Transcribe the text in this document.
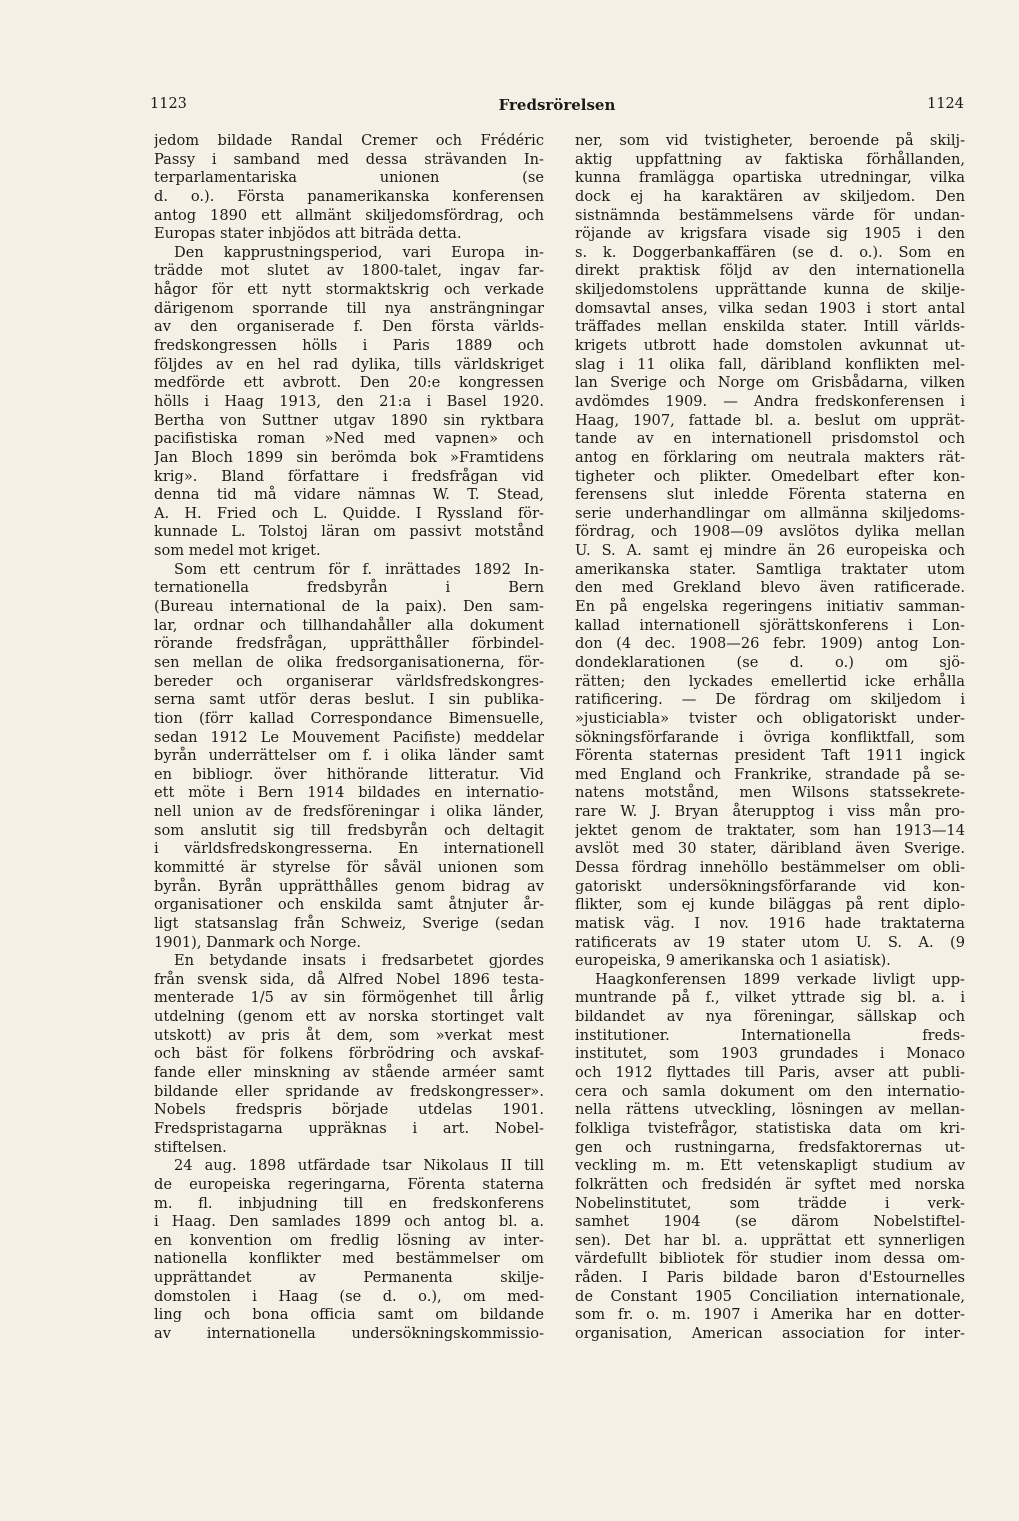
1123	Fredsrörelsen	1124
jedom bildade Randal Cremer och Frédéric
Passy i samband med dessa strävanden In-
terparlamentariska unionen (se
d. o.). Första panamerikanska konferensen
antog 1890 ett allmänt skiljedomsfördrag, och
Europas stater inbjödos att biträda detta.
Den kapprustningsperiod, vari Europa in-
trädde mot slutet av 1800-talet, ingav far-
hågor för ett nytt stormaktskrig och verkade
därigenom sporrande till nya ansträngningar
av den organiserade f. Den första världs-
fredskongressen hölls i Paris 1889 och
följdes av en hel rad dylika, tills världskriget
medförde ett avbrott. Den 20:e kongressen
hölls i Haag 1913, den 21:a i Basel 1920.
Bertha von Suttner utgav 1890 sin ryktbara
pacifistiska roman »Ned med vapnen» och
Jan Bloch 1899 sin berömda bok »Framtidens
krig». Bland författare i fredsfrågan vid
denna tid må vidare nämnas W. T. Stead,
A. H. Fried och L. Quidde. I Ryssland för-
kunnade L. Tolstoj läran om passivt motstånd
som medel mot kriget.
Som ett centrum för f. inrättades 1892 In-
ternationella fredsbyrån i Bern
(Bureau international de la paix). Den sam-
lar, ordnar och tillhandahåller alla dokument
rörande fredsfrågan, upprätthåller förbindel-
sen mellan de olika fredsorganisationerna, för-
bereder och organiserar världsfredskongres-
serna samt utför deras beslut. I sin publika-
tion (förr kallad Correspondance Bimensuelle,
sedan 1912 Le Mouvement Pacifiste) meddelar
byrån underrättelser om f. i olika länder samt
en bibliogr. över hithörande litteratur. Vid
ett möte i Bern 1914 bildades en internatio-
nell union av de fredsföreningar i olika länder,
som anslutit sig till fredsbyrån och deltagit
i världsfredskongresserna. En internationell
kommitté är styrelse för såväl unionen som
byrån. Byrån upprätthålles genom bidrag av
organisationer och enskilda samt åtnjuter år-
ligt statsanslag från Schweiz, Sverige (sedan
1901), Danmark och Norge.
En betydande insats i fredsarbetet gjordes
från svensk sida, då Alfred Nobel 1896 testa-
menterade 1/5 av sin förmögenhet till årlig
utdelning (genom ett av norska stortinget valt
utskott) av pris åt dem, som »verkat mest
och bäst för folkens förbrödring och avskaf-
fande eller minskning av stående arméer samt
bildande eller spridande av fredskongresser».
Nobels fredspris började utdelas 1901.
Fredspristagarna uppräknas i art. Nobel-
stiftelsen.
24 aug. 1898 utfärdade tsar Nikolaus II till
de europeiska regeringarna, Förenta staterna
m. fl. inbjudning till en fredskonferens
i Haag. Den samlades 1899 och antog bl. a.
en konvention om fredlig lösning av inter-
nationella konflikter med bestämmelser om
upprättandet av Permanenta skilje-
domstolen i Haag (se d. o.), om med-
ling och bona officia samt om bildande
av internationella undersökningskommissio-
ner, som vid tvistigheter, beroende på skilj-
aktig uppfattning av faktiska förhållanden,
kunna framlägga opartiska utredningar, vilka
dock ej ha karaktären av skiljedom. Den
sistnämnda bestämmelsens värde för undan-
röjande av krigsfara visade sig 1905 i den
s. k. Doggerbankaffären (se d. o.). Som en
direkt praktisk följd av den internationella
skiljedomstolens upprättande kunna de skilje-
domsavtal anses, vilka sedan 1903 i stort antal
träffades mellan enskilda stater. Intill världs-
krigets utbrott hade domstolen avkunnat ut-
slag i 11 olika fall, däribland konflikten mel-
lan Sverige och Norge om Grisbådarna, vilken
avdömdes 1909. — Andra fredskonferensen i
Haag, 1907, fattade bl. a. beslut om upprät-
tande av en internationell prisdomstol och
antog en förklaring om neutrala makters rät-
tigheter och plikter. Omedelbart efter kon-
ferensens slut inledde Förenta staterna en
serie underhandlingar om allmänna skiljedoms-
fördrag, och 1908—09 avslötos dylika mellan
U. S. A. samt ej mindre än 26 europeiska och
amerikanska stater. Samtliga traktater utom
den med Grekland blevo även ratificerade.
En på engelska regeringens initiativ samman-
kallad internationell sjörättskonferens i Lon-
don (4 dec. 1908—26 febr. 1909) antog Lon-
dondeklarationen (se d. o.) om sjö-
rätten; den lyckades emellertid icke erhålla
ratificering. — De fördrag om skiljedom i
»justiciabla» tvister och obligatoriskt under-
sökningsförfarande i övriga konfliktfall, som
Förenta staternas president Taft 1911 ingick
med England och Frankrike, strandade på se-
natens motstånd, men Wilsons statssekrete-
rare W. J. Bryan återupptog i viss mån pro-
jektet genom de traktater, som han 1913—14
avslöt med 30 stater, däribland även Sverige.
Dessa fördrag innehöllo bestämmelser om obli-
gatoriskt undersökningsförfarande vid kon-
flikter, som ej kunde biläggas på rent diplo-
matisk väg. I nov. 1916 hade traktaterna
ratificerats av 19 stater utom U. S. A. (9
europeiska, 9 amerikanska och 1 asiatisk).
Haagkonferensen 1899 verkade livligt upp-
muntrande på f., vilket yttrade sig bl. a. i
bildandet av nya föreningar, sällskap och
institutioner. Internationella freds-
institutet, som 1903 grundades i Monaco
och 1912 flyttades till Paris, avser att publi-
cera och samla dokument om den internatio-
nella rättens utveckling, lösningen av mellan-
folkliga tvistefrågor, statistiska data om kri-
gen och rustningarna, fredsfaktorernas ut-
veckling m. m. Ett vetenskapligt studium av
folkrätten och fredsidén är syftet med norska
Nobelinstitutet, som trädde i verk-
samhet 1904 (se därom Nobelstiftel-
sen). Det har bl. a. upprättat ett synnerligen
värdefullt bibliotek för studier inom dessa om-
råden. I Paris bildade baron d'Estournelles
de Constant 1905 Conciliation internationale,
som fr. o. m. 1907 i Amerika har en dotter-
organisation, American association for inter-
